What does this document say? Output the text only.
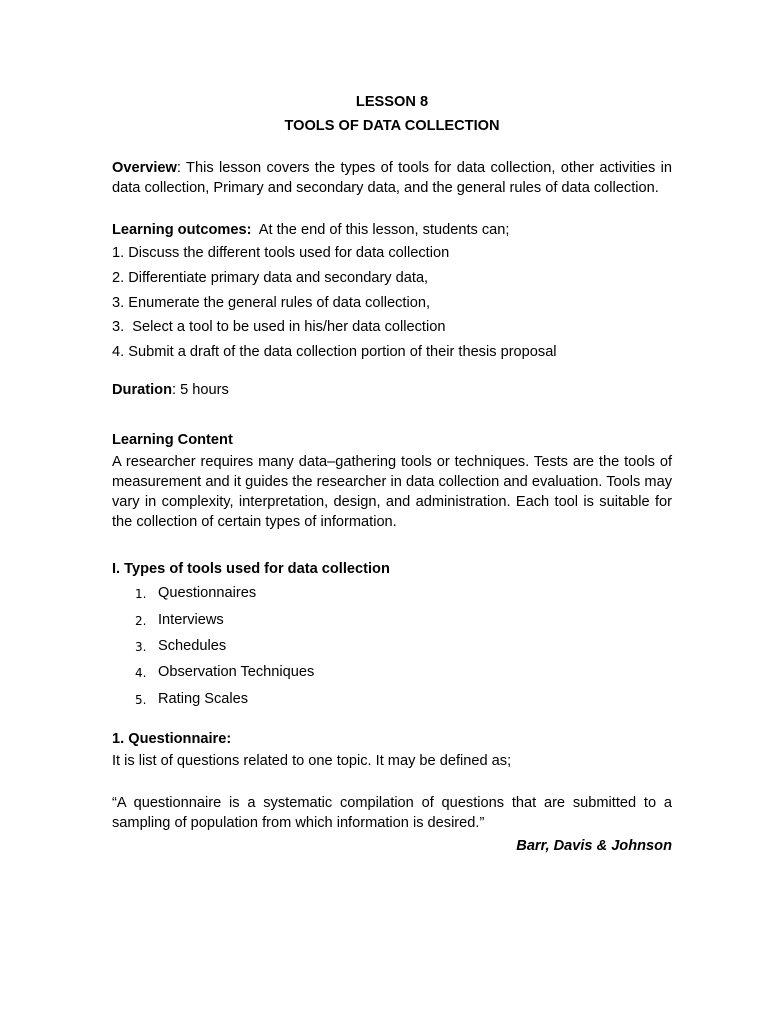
LESSON 8

TOOLS OF DATA COLLECTION

Overview: This lesson covers the types of tools for data collection, other activities in data collection, Primary and secondary data, and the general rules of data collection.

Learning outcomes:  At the end of this lesson, students can;

1. Discuss the different tools used for data collection
2. Differentiate primary data and secondary data,
3. Enumerate the general rules of data collection,
3.  Select a tool to be used in his/her data collection
4. Submit a draft of the data collection portion of their thesis proposal

Duration: 5 hours

Learning Content

A researcher requires many data–gathering tools or techniques. Tests are the tools of measurement and it guides the researcher in data collection and evaluation. Tools may vary in complexity, interpretation, design, and administration. Each tool is suitable for the collection of certain types of information.

I. Types of tools used for data collection

1. Questionnaires
2. Interviews
3. Schedules
4. Observation Techniques
5. Rating Scales

1. Questionnaire:

It is list of questions related to one topic. It may be defined as;

“A questionnaire is a systematic compilation of questions that are submitted to a sampling of population from which information is desired.”

Barr, Davis & Johnson
